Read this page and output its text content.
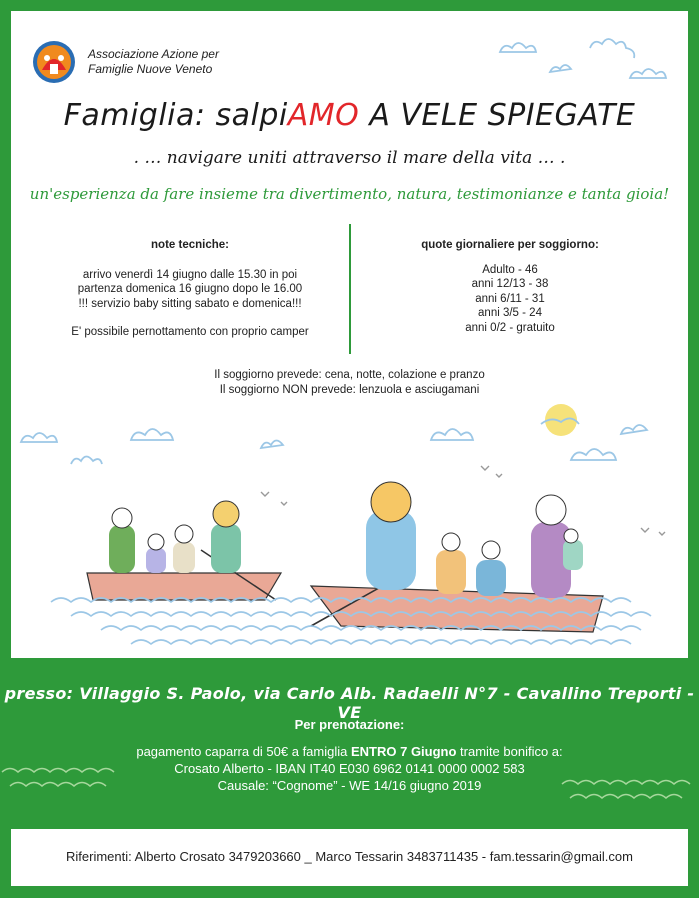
Associazione Azione per
Famiglie Nuove Veneto
Famiglia: salpiAMO A VELE SPIEGATE
. … navigare uniti attraverso il mare della vita … .
un'esperienza da fare insieme tra divertimento, natura, testimonianze e tanta gioia!

note tecniche:

arrivo venerdì 14 giugno dalle 15.30 in poi

partenza domenica 16 giugno dopo le 16.00

!!! servizio baby sitting sabato e domenica!!!

E' possibile pernottamento con proprio camper

quote giornaliere per soggiorno:

Adulto - 46

anni 12/13 - 38

anni 6/11 - 31

anni 3/5 - 24

anni 0/2 - gratuito

Il soggiorno prevede: cena, notte, colazione e pranzo

Il soggiorno NON prevede: lenzuola e asciugamani

presso: Villaggio S. Paolo, via Carlo Alb. Radaelli N°7 - Cavallino Treporti - VE
Per prenotazione:

pagamento caparra di 50€ a famiglia ENTRO 7 Giugno tramite bonifico a:

Crosato Alberto - IBAN IT40 E030 6962 0141 0000 0002 583

Causale: “Cognome” - WE 14/16 giugno 2019

Riferimenti: Alberto Crosato 3479203660 _ Marco Tessarin 3483711435 - fam.tessarin@gmail.com
